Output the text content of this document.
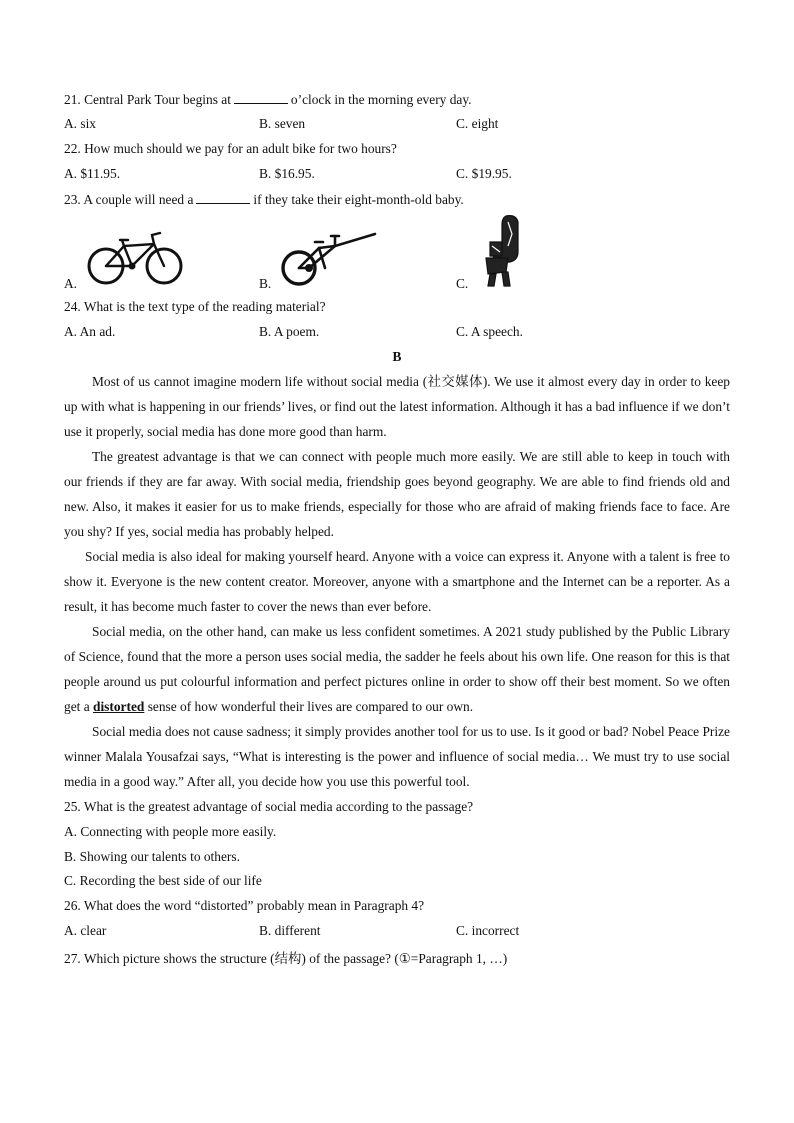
21. Central Park Tour begins at	o’clock in the morning every day.
A. six	B. seven	C. eight
22. How much should we pay for an adult bike for two hours?
A. $11.95.	B. $16.95.	C. $19.95.
23. A couple will need a	if they take their eight-month-old baby.
A.	B.	C.
24. What is the text type of the reading material?
A. An ad.	B. A poem.	C. A speech.
B

Most of us cannot imagine modern life without social media (社交媒体). We use it almost every day in order to keep up with what is happening in our friends’ lives, or find out the latest information. Although it has a bad influence if we don’t use it properly, social media has done more good than harm.

The greatest advantage is that we can connect with people much more easily. We are still able to keep in touch with our friends if they are far away. With social media, friendship goes beyond geography. We are able to find friends old and new. Also, it makes it easier for us to make friends, especially for those who are afraid of making friends face to face. Are you shy? If yes, social media has probably helped.

Social media is also ideal for making yourself heard. Anyone with a voice can express it. Anyone with a talent is free to show it. Everyone is the new content creator. Moreover, anyone with a smartphone and the Internet can be a reporter. As a result, it has become much faster to cover the news than ever before.

Social media, on the other hand, can make us less confident sometimes. A 2021 study published by the Public Library of Science, found that the more a person uses social media, the sadder he feels about his own life. One reason for this is that people around us put colourful information and perfect pictures online in order to show off their best moment. So we often get a distorted sense of how wonderful their lives are compared to our own.

Social media does not cause sadness; it simply provides another tool for us to use. Is it good or bad? Nobel Peace Prize winner Malala Yousafzai says, “What is interesting is the power and influence of social media… We must try to use social media in a good way.” After all, you decide how you use this powerful tool.

25. What is the greatest advantage of social media according to the passage?
A. Connecting with people more easily.
B. Showing our talents to others.
C. Recording the best side of our life
26. What does the word “distorted” probably mean in Paragraph 4?
A. clear	B. different	C. incorrect
27. Which picture shows the structure (结构) of the passage? (①=Paragraph 1, …)
